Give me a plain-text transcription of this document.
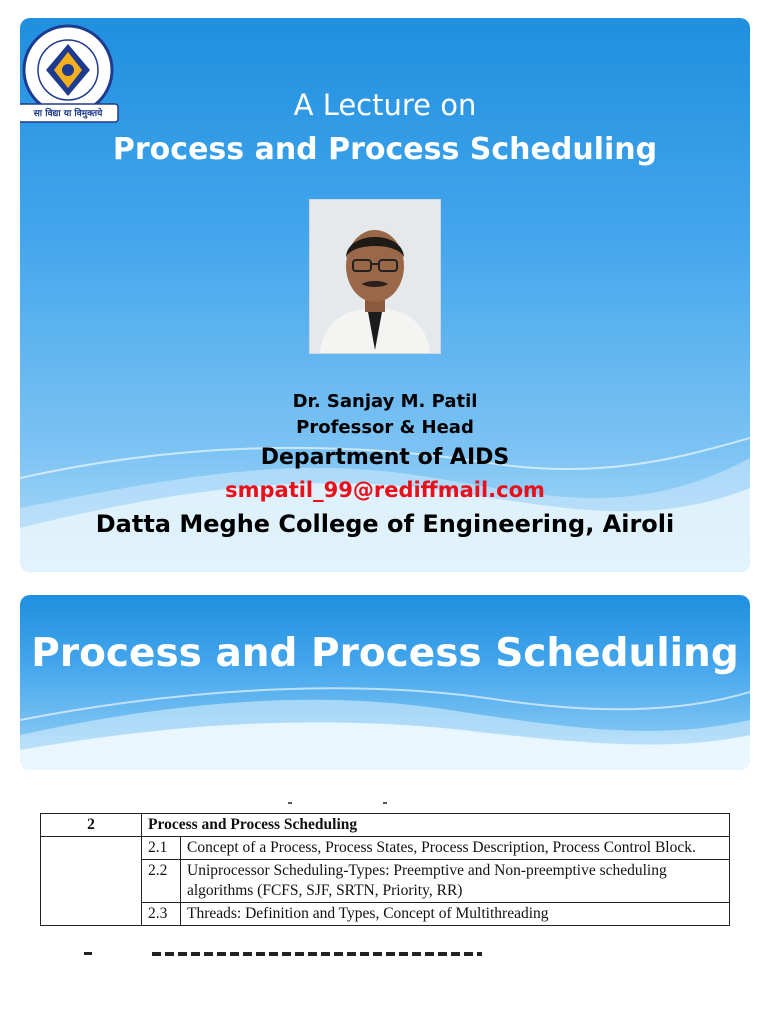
सा विद्या या विमुक्तये	A Lecture on
Process and Process Scheduling
Dr. Sanjay M. Patil
Professor & Head
Department of AIDS
smpatil_99@rediffmail.com
Datta Meghe College of Engineering, Airoli
Process and Process Scheduling
2	Process and Process Scheduling	
	2.1	Concept of a Process, Process States, Process Description, Process Control Block.
	2.2	Uniprocessor Scheduling-Types: Preemptive and Non-preemptive scheduling algorithms (FCFS, SJF, SRTN, Priority, RR)
	2.3	Threads: Definition and Types, Concept of Multithreading
